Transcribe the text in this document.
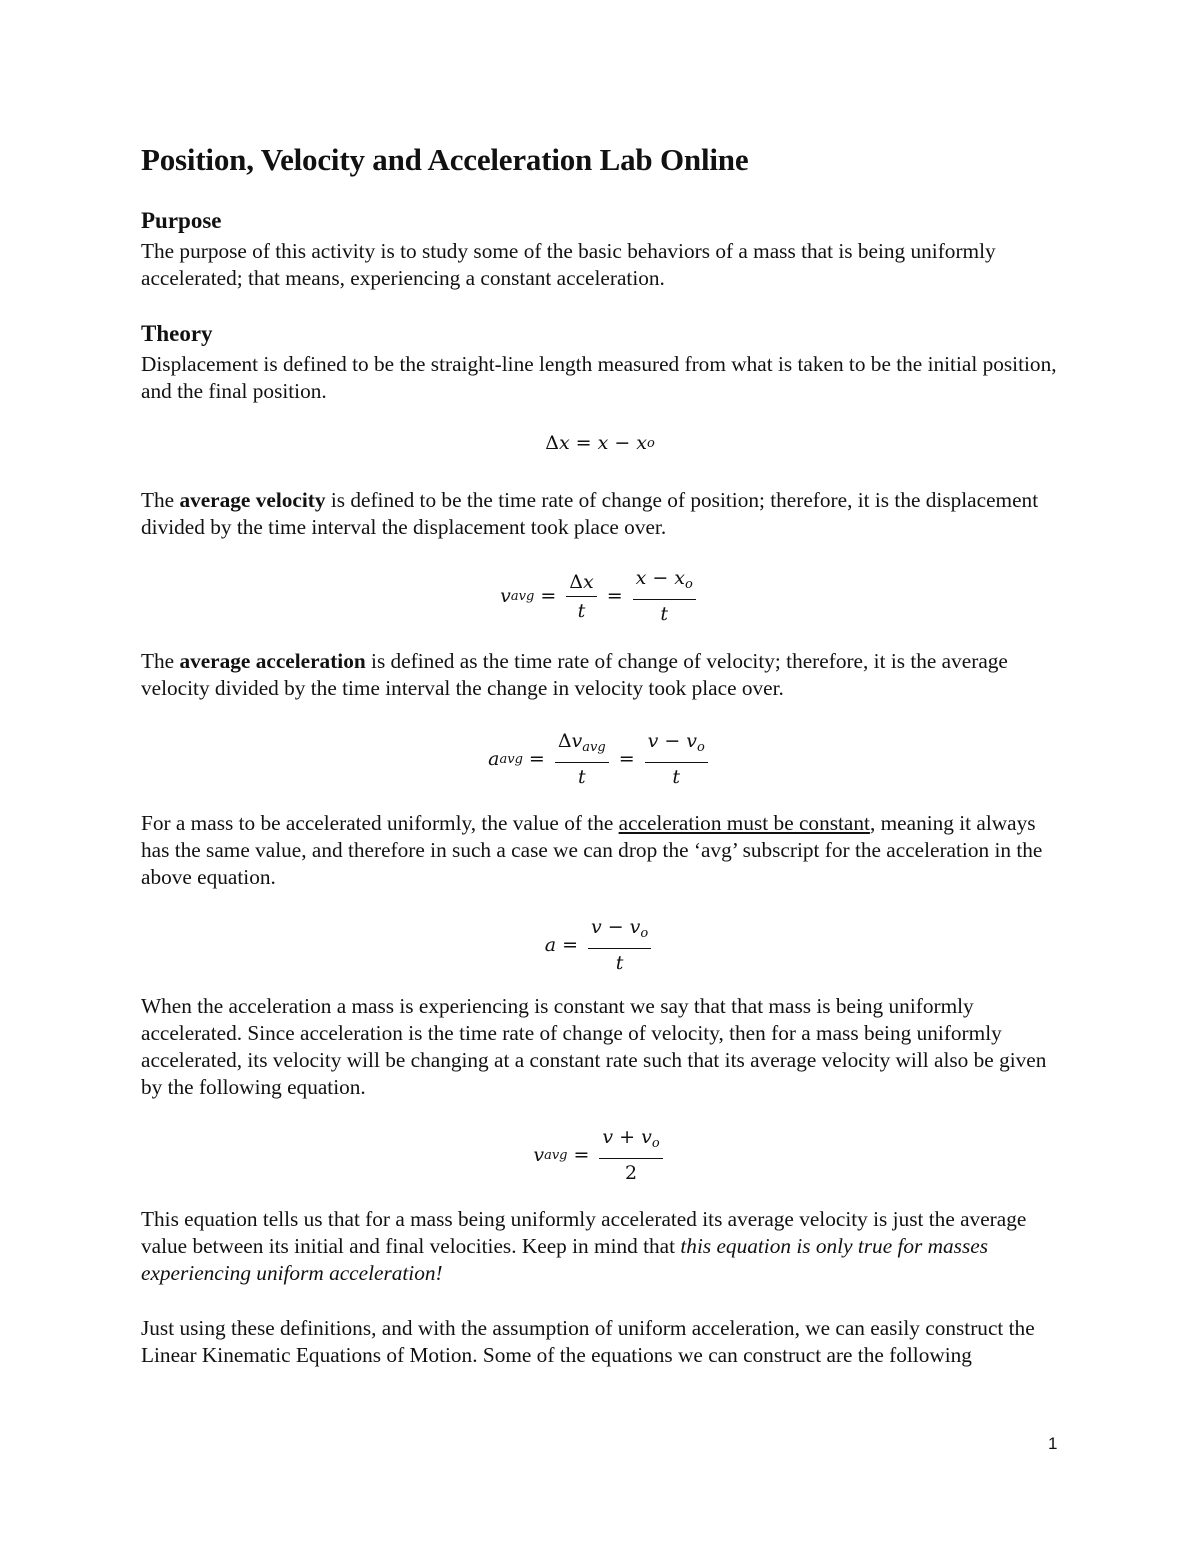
Position, Velocity and Acceleration Lab Online
Purpose

The purpose of this activity is to study some of the basic behaviors of a mass that is being uniformly accelerated; that means, experiencing a constant acceleration.

Theory

Displacement is defined to be the straight-line length measured from what is taken to be the initial position, and the final position.

Δ x = x − x o

The average velocity is defined to be the time rate of change of position; therefore, it is the displacement divided by the time interval the displacement took place over.

v avg = $\frac{\Delta x}{t} = \frac{x - x_o}{t}$

The average acceleration is defined as the time rate of change of velocity; therefore, it is the average velocity divided by the time interval the change in velocity took place over.

a avg = $\frac{\Delta v_{avg}}{t} = \frac{v - v_o}{t}$

For a mass to be accelerated uniformly, the value of the acceleration must be constant, meaning it always has the same value, and therefore in such a case we can drop the ‘avg’ subscript for the acceleration in the above equation.

$a = \frac{v - v_o}{t}$

When the acceleration a mass is experiencing is constant we say that that mass is being uniformly accelerated. Since acceleration is the time rate of change of velocity, then for a mass being uniformly accelerated, its velocity will be changing at a constant rate such that its average velocity will also be given by the following equation.

v avg = $\frac{v + v_o}{2}$

This equation tells us that for a mass being uniformly accelerated its average velocity is just the average value between its initial and final velocities. Keep in mind that this equation is only true for masses experiencing uniform acceleration!

Just using these definitions, and with the assumption of uniform acceleration, we can easily construct the Linear Kinematic Equations of Motion. Some of the equations we can construct are the following

1
